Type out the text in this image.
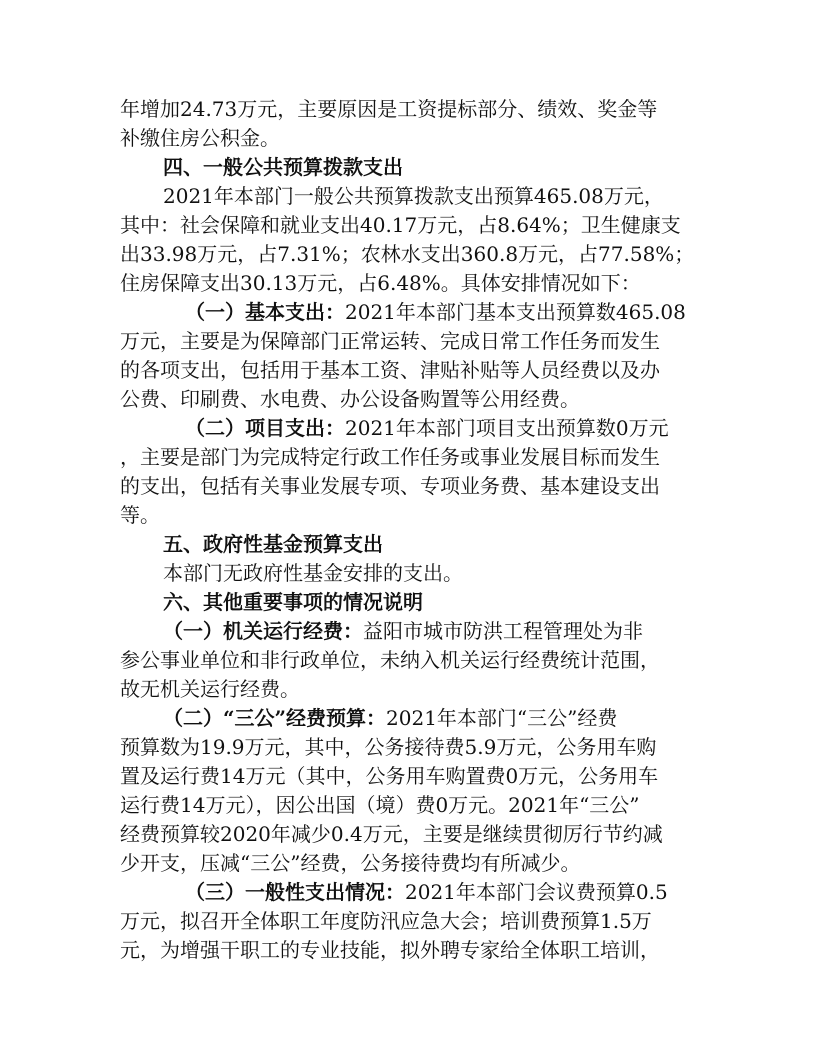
年增加24.73万元，主要原因是工资提标部分、绩效、奖金等
补缴住房公积金。
四、一般公共预算拨款支出
2021年本部门一般公共预算拨款支出预算465.08万元，
其中：社会保障和就业支出40.17万元，占8.64%；卫生健康支
出33.98万元，占7.31%；农林水支出360.8万元，占77.58%；
住房保障支出30.13万元，占6.48%。具体安排情况如下：
（一）基本支出：2021年本部门基本支出预算数465.08
万元，主要是为保障部门正常运转、完成日常工作任务而发生
的各项支出，包括用于基本工资、津贴补贴等人员经费以及办
公费、印刷费、水电费、办公设备购置等公用经费。
（二）项目支出：2021年本部门项目支出预算数0万元
，主要是部门为完成特定行政工作任务或事业发展目标而发生
的支出，包括有关事业发展专项、专项业务费、基本建设支出
等。
五、政府性基金预算支出
本部门无政府性基金安排的支出。
六、其他重要事项的情况说明
（一）机关运行经费：益阳市城市防洪工程管理处为非
参公事业单位和非行政单位，未纳入机关运行经费统计范围，
故无机关运行经费。
（二）“三公”经费预算：2021年本部门“三公”经费
预算数为19.9万元，其中，公务接待费5.9万元，公务用车购
置及运行费14万元（其中，公务用车购置费0万元，公务用车
运行费14万元），因公出国（境）费0万元。2021年“三公”
经费预算较2020年减少0.4万元，主要是继续贯彻厉行节约减
少开支，压减“三公”经费，公务接待费均有所减少。
（三）一般性支出情况：2021年本部门会议费预算0.5
万元，拟召开全体职工年度防汛应急大会；培训费预算1.5万
元，为增强干职工的专业技能，拟外聘专家给全体职工培训，
